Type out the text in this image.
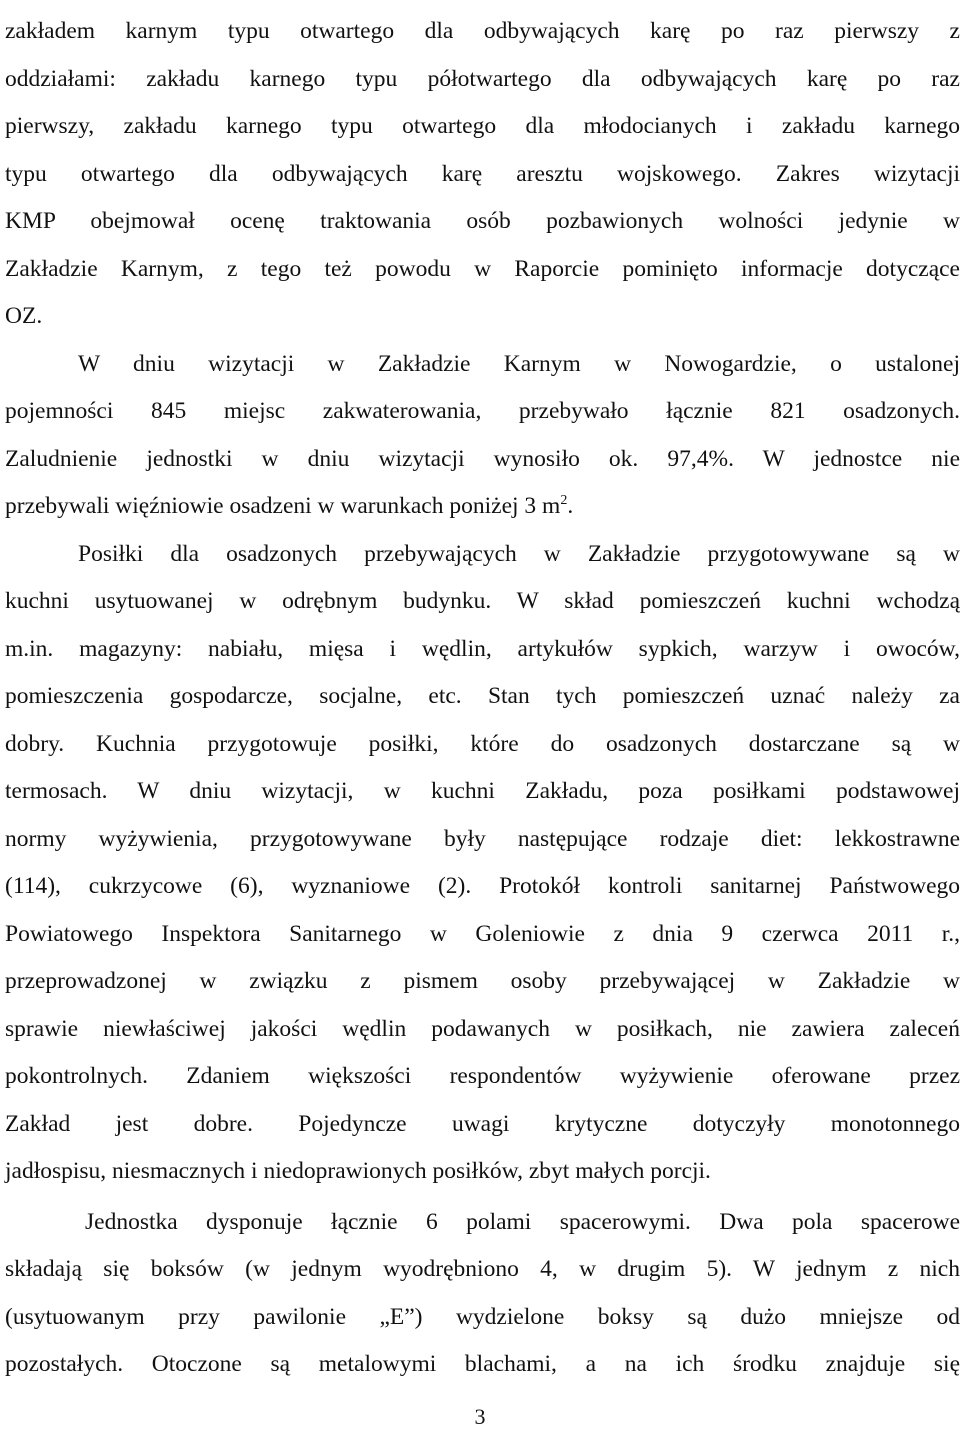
zakładem karnym typu otwartego dla odbywających karę po raz pierwszy z

oddziałami: zakładu karnego typu półotwartego dla odbywających karę po raz

pierwszy, zakładu karnego typu otwartego dla młodocianych i zakładu karnego

typu otwartego dla odbywających karę aresztu wojskowego. Zakres wizytacji

KMP obejmował ocenę traktowania osób pozbawionych wolności jedynie w

Zakładzie Karnym, z tego też powodu w Raporcie pominięto informacje dotyczące

OZ.

W dniu wizytacji w Zakładzie Karnym w Nowogardzie, o ustalonej

pojemności 845 miejsc zakwaterowania, przebywało łącznie 821 osadzonych.

Zaludnienie jednostki w dniu wizytacji wynosiło ok. 97,4%. W jednostce nie

przebywali więźniowie osadzeni w warunkach poniżej 3 $m^2$.

Posiłki dla osadzonych przebywających w Zakładzie przygotowywane są w

kuchni usytuowanej w odrębnym budynku. W skład pomieszczeń kuchni wchodzą

m.in. magazyny: nabiału, mięsa i wędlin, artykułów sypkich, warzyw i owoców,

pomieszczenia gospodarcze, socjalne, etc. Stan tych pomieszczeń uznać należy za

dobry. Kuchnia przygotowuje posiłki, które do osadzonych dostarczane są w

termosach. W dniu wizytacji, w kuchni Zakładu, poza posiłkami podstawowej

normy wyżywienia, przygotowywane były następujące rodzaje diet: lekkostrawne

(114), cukrzycowe (6), wyznaniowe (2). Protokół kontroli sanitarnej Państwowego

Powiatowego Inspektora Sanitarnego w Goleniowie z dnia 9 czerwca 2011 r.,

przeprowadzonej w związku z pismem osoby przebywającej w Zakładzie w

sprawie niewłaściwej jakości wędlin podawanych w posiłkach, nie zawiera zaleceń

pokontrolnych. Zdaniem większości respondentów wyżywienie oferowane przez

Zakład jest dobre. Pojedyncze uwagi krytyczne dotyczyły monotonnego

jadłospisu, niesmacznych i niedoprawionych posiłków, zbyt małych porcji.

Jednostka dysponuje łącznie 6 polami spacerowymi. Dwa pola spacerowe

składają się boksów (w jednym wyodrębniono 4, w drugim 5). W jednym z nich

(usytuowanym przy pawilonie „E”) wydzielone boksy są dużo mniejsze od

pozostałych. Otoczone są metalowymi blachami, a na ich środku znajduje się

3
